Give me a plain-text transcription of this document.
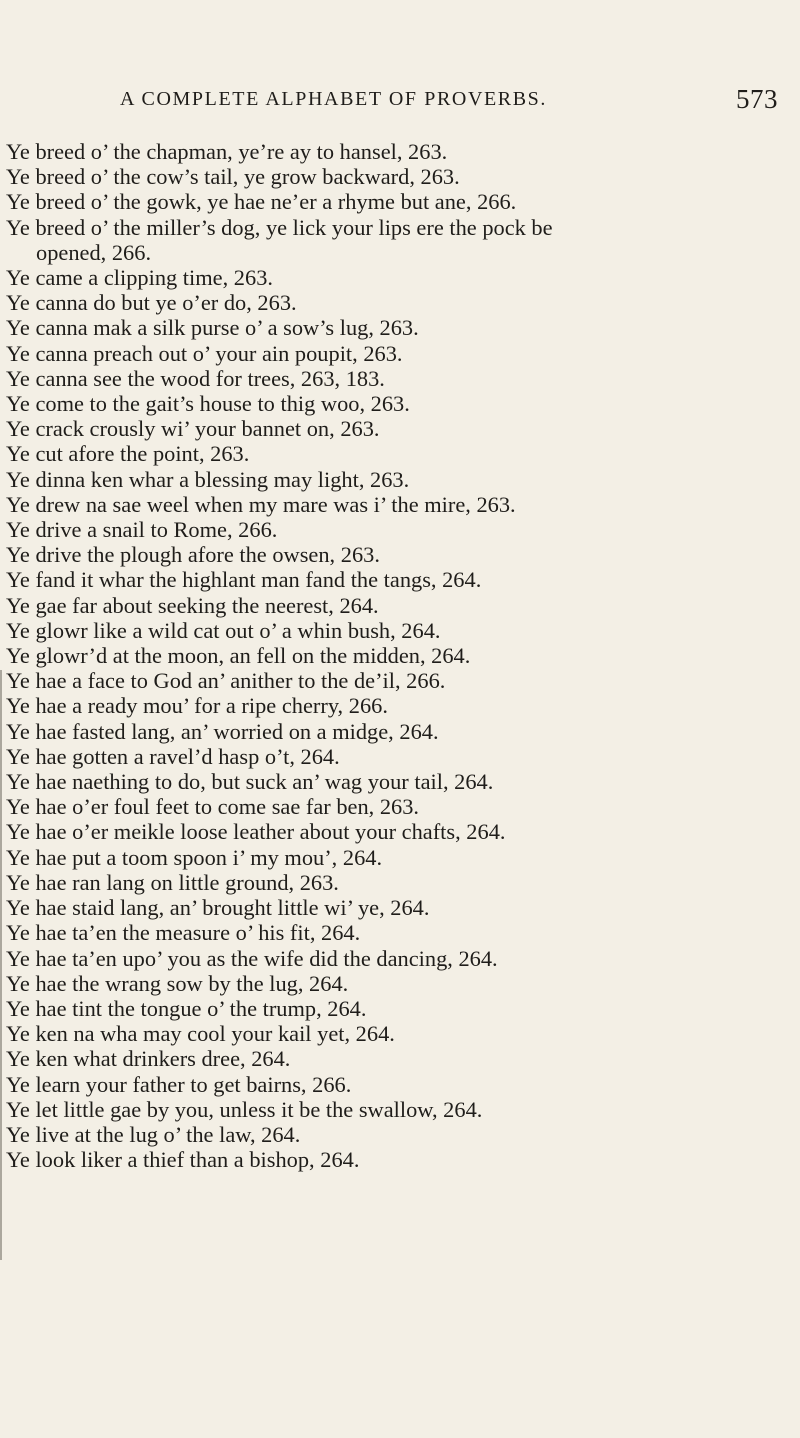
A COMPLETE ALPHABET OF PROVERBS.	573
Ye breed o’ the chapman, ye’re ay to hansel, 263.
Ye breed o’ the cow’s tail, ye grow backward, 263.
Ye breed o’ the gowk, ye hae ne’er a rhyme but ane, 266.
Ye breed o’ the miller’s dog, ye lick your lips ere the pock be
opened, 266.
Ye came a clipping time, 263.
Ye canna do but ye o’er do, 263.
Ye canna mak a silk purse o’ a sow’s lug, 263.
Ye canna preach out o’ your ain poupit, 263.
Ye canna see the wood for trees, 263, 183.
Ye come to the gait’s house to thig woo, 263.
Ye crack crously wi’ your bannet on, 263.
Ye cut afore the point, 263.
Ye dinna ken whar a blessing may light, 263.
Ye drew na sae weel when my mare was i’ the mire, 263.
Ye drive a snail to Rome, 266.
Ye drive the plough afore the owsen, 263.
Ye fand it whar the highlant man fand the tangs, 264.
Ye gae far about seeking the neerest, 264.
Ye glowr like a wild cat out o’ a whin bush, 264.
Ye glowr’d at the moon, an fell on the midden, 264.
Ye hae a face to God an’ anither to the de’il, 266.
Ye hae a ready mou’ for a ripe cherry, 266.
Ye hae fasted lang, an’ worried on a midge, 264.
Ye hae gotten a ravel’d hasp o’t, 264.
Ye hae naething to do, but suck an’ wag your tail, 264.
Ye hae o’er foul feet to come sae far ben, 263.
Ye hae o’er meikle loose leather about your chafts, 264.
Ye hae put a toom spoon i’ my mou’, 264.
Ye hae ran lang on little ground, 263.
Ye hae staid lang, an’ brought little wi’ ye, 264.
Ye hae ta’en the measure o’ his fit, 264.
Ye hae ta’en upo’ you as the wife did the dancing, 264.
Ye hae the wrang sow by the lug, 264.
Ye hae tint the tongue o’ the trump, 264.
Ye ken na wha may cool your kail yet, 264.
Ye ken what drinkers dree, 264.
Ye learn your father to get bairns, 266.
Ye let little gae by you, unless it be the swallow, 264.
Ye live at the lug o’ the law, 264.
Ye look liker a thief than a bishop, 264.
